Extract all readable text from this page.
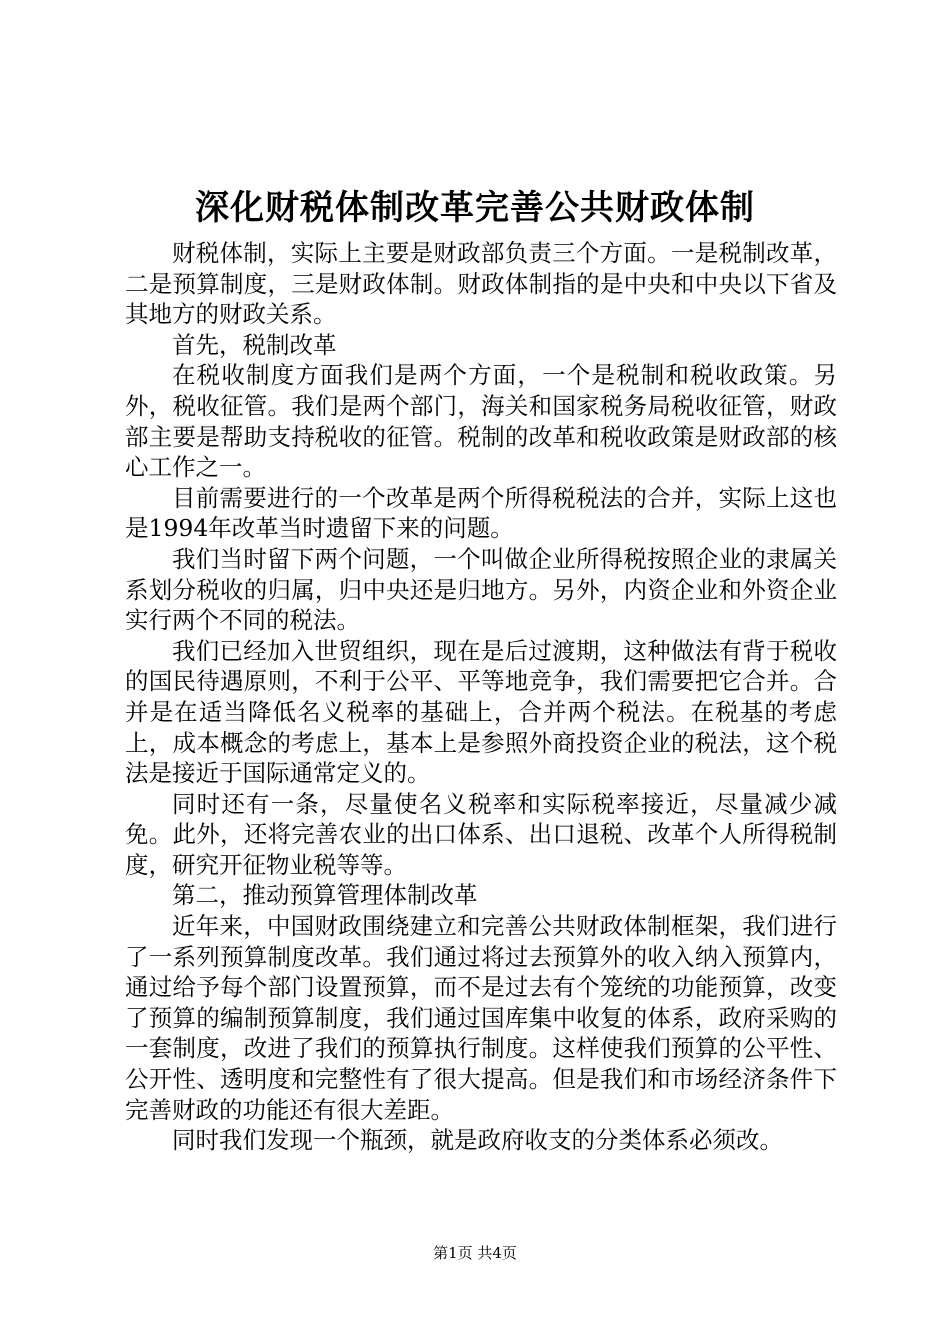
深化财税体制改革完善公共财政体制

财税体制，实际上主要是财政部负责三个方面。一是税制改革，二是预算制度，三是财政体制。财政体制指的是中央和中央以下省及其地方的财政关系。

首先，税制改革

在税收制度方面我们是两个方面，一个是税制和税收政策。另外，税收征管。我们是两个部门，海关和国家税务局税收征管，财政部主要是帮助支持税收的征管。税制的改革和税收政策是财政部的核心工作之一。

目前需要进行的一个改革是两个所得税税法的合并，实际上这也是1994年改革当时遗留下来的问题。

我们当时留下两个问题，一个叫做企业所得税按照企业的隶属关系划分税收的归属，归中央还是归地方。另外，内资企业和外资企业实行两个不同的税法。

我们已经加入世贸组织，现在是后过渡期，这种做法有背于税收的国民待遇原则，不利于公平、平等地竞争，我们需要把它合并。合并是在适当降低名义税率的基础上，合并两个税法。在税基的考虑上，成本概念的考虑上，基本上是参照外商投资企业的税法，这个税法是接近于国际通常定义的。

同时还有一条，尽量使名义税率和实际税率接近，尽量减少减免。此外，还将完善农业的出口体系、出口退税、改革个人所得税制度，研究开征物业税等等。

第二，推动预算管理体制改革

近年来，中国财政围绕建立和完善公共财政体制框架，我们进行了一系列预算制度改革。我们通过将过去预算外的收入纳入预算内，通过给予每个部门设置预算，而不是过去有个笼统的功能预算，改变了预算的编制预算制度，我们通过国库集中收复的体系，政府采购的一套制度，改进了我们的预算执行制度。这样使我们预算的公平性、公开性、透明度和完整性有了很大提高。但是我们和市场经济条件下完善财政的功能还有很大差距。

同时我们发现一个瓶颈，就是政府收支的分类体系必须改。

第1页 共4页
